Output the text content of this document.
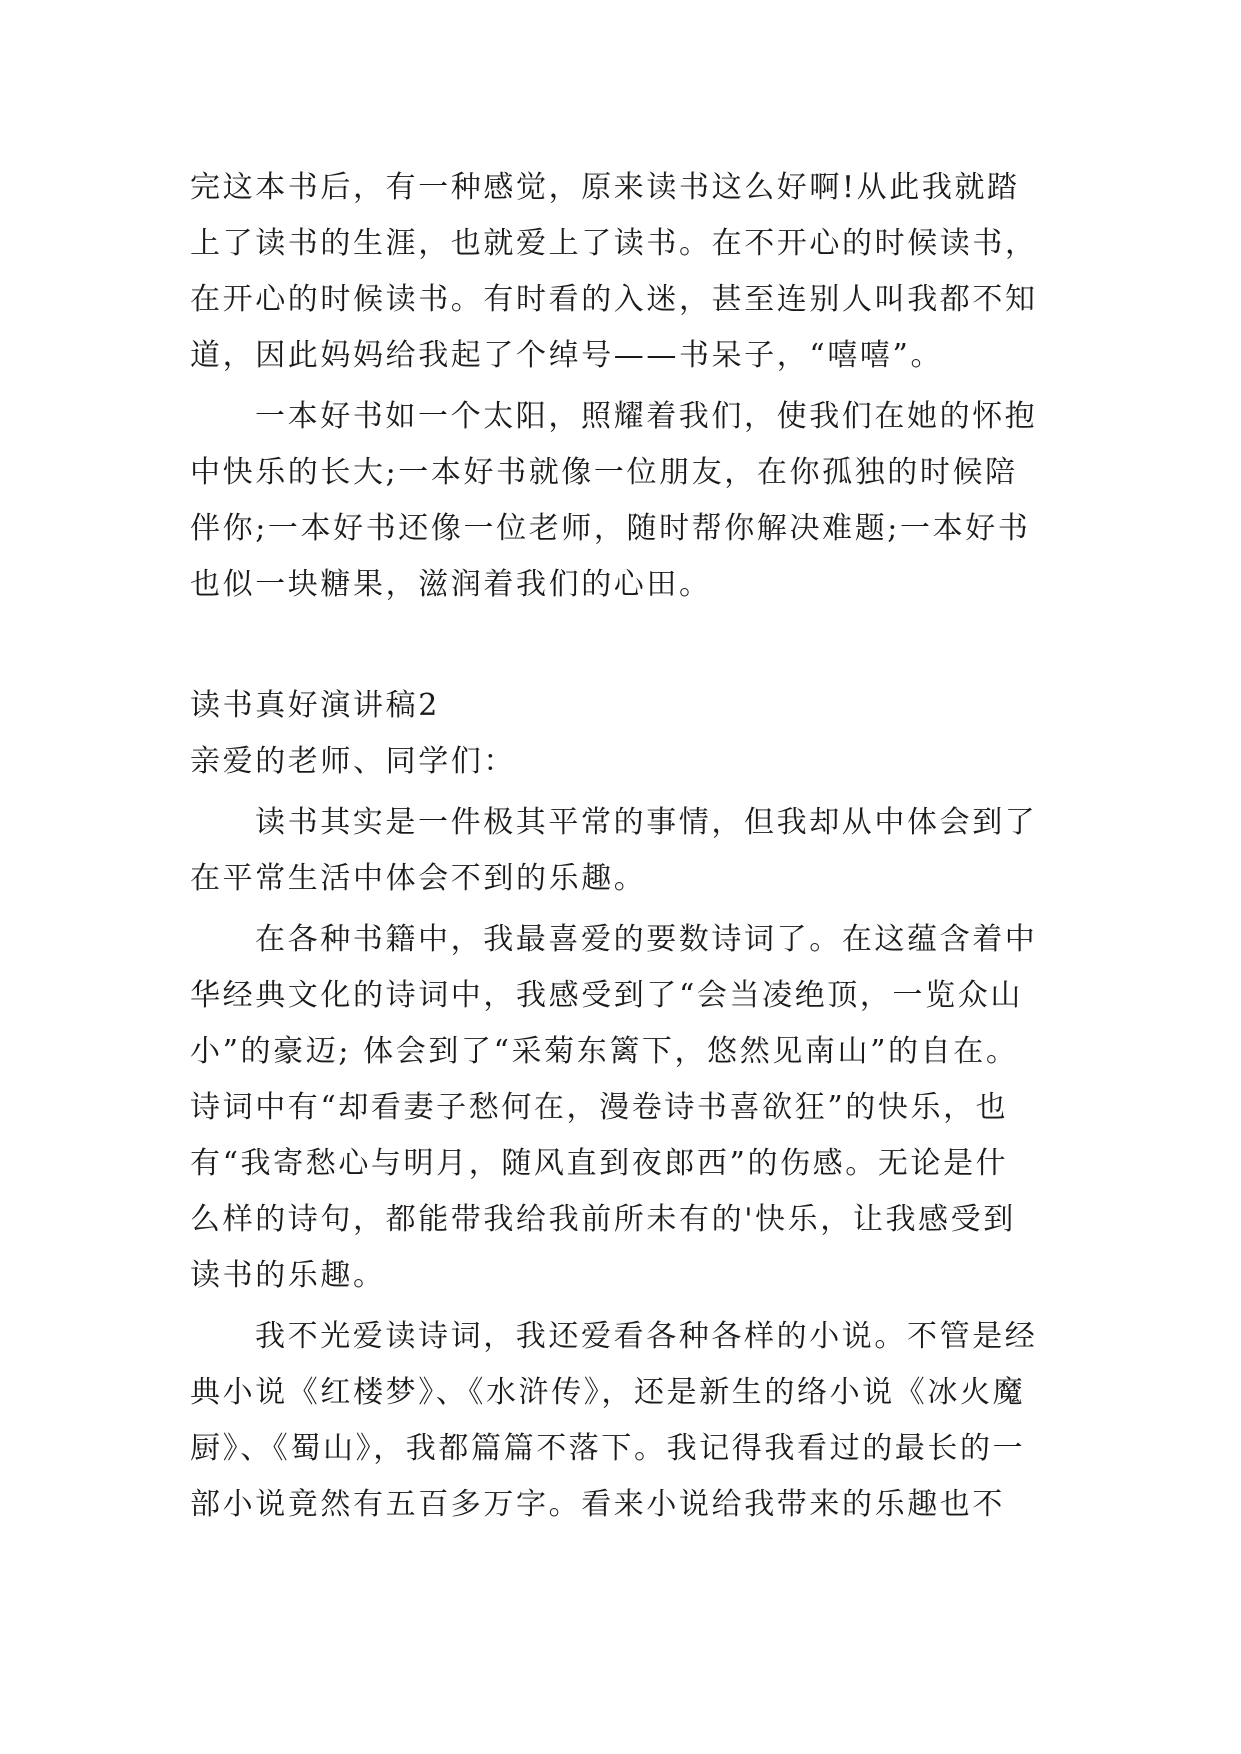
完这本书后，有一种感觉，原来读书这么好啊!从此我就踏
上了读书的生涯，也就爱上了读书。在不开心的时候读书，
在开心的时候读书。有时看的入迷，甚至连别人叫我都不知
道，因此妈妈给我起了个绰号——书呆子，“嘻嘻”。
一本好书如一个太阳，照耀着我们，使我们在她的怀抱
中快乐的长大;一本好书就像一位朋友，在你孤独的时候陪
伴你;一本好书还像一位老师，随时帮你解决难题;一本好书
也似一块糖果，滋润着我们的心田。
读书真好演讲稿2
亲爱的老师、同学们：
读书其实是一件极其平常的事情，但我却从中体会到了
在平常生活中体会不到的乐趣。
在各种书籍中，我最喜爱的要数诗词了。在这蕴含着中
华经典文化的诗词中，我感受到了“会当凌绝顶，一览众山
小”的豪迈; 体会到了“采菊东篱下，悠然见南山”的自在。
诗词中有“却看妻子愁何在，漫卷诗书喜欲狂”的快乐，也
有“我寄愁心与明月，随风直到夜郎西”的伤感。无论是什
么样的诗句，都能带我给我前所未有的'快乐，让我感受到
读书的乐趣。
我不光爱读诗词，我还爱看各种各样的小说。不管是经
典小说《红楼梦》、《水浒传》，还是新生的络小说《冰火魔
厨》、《蜀山》，我都篇篇不落下。我记得我看过的最长的一
部小说竟然有五百多万字。看来小说给我带来的乐趣也不
